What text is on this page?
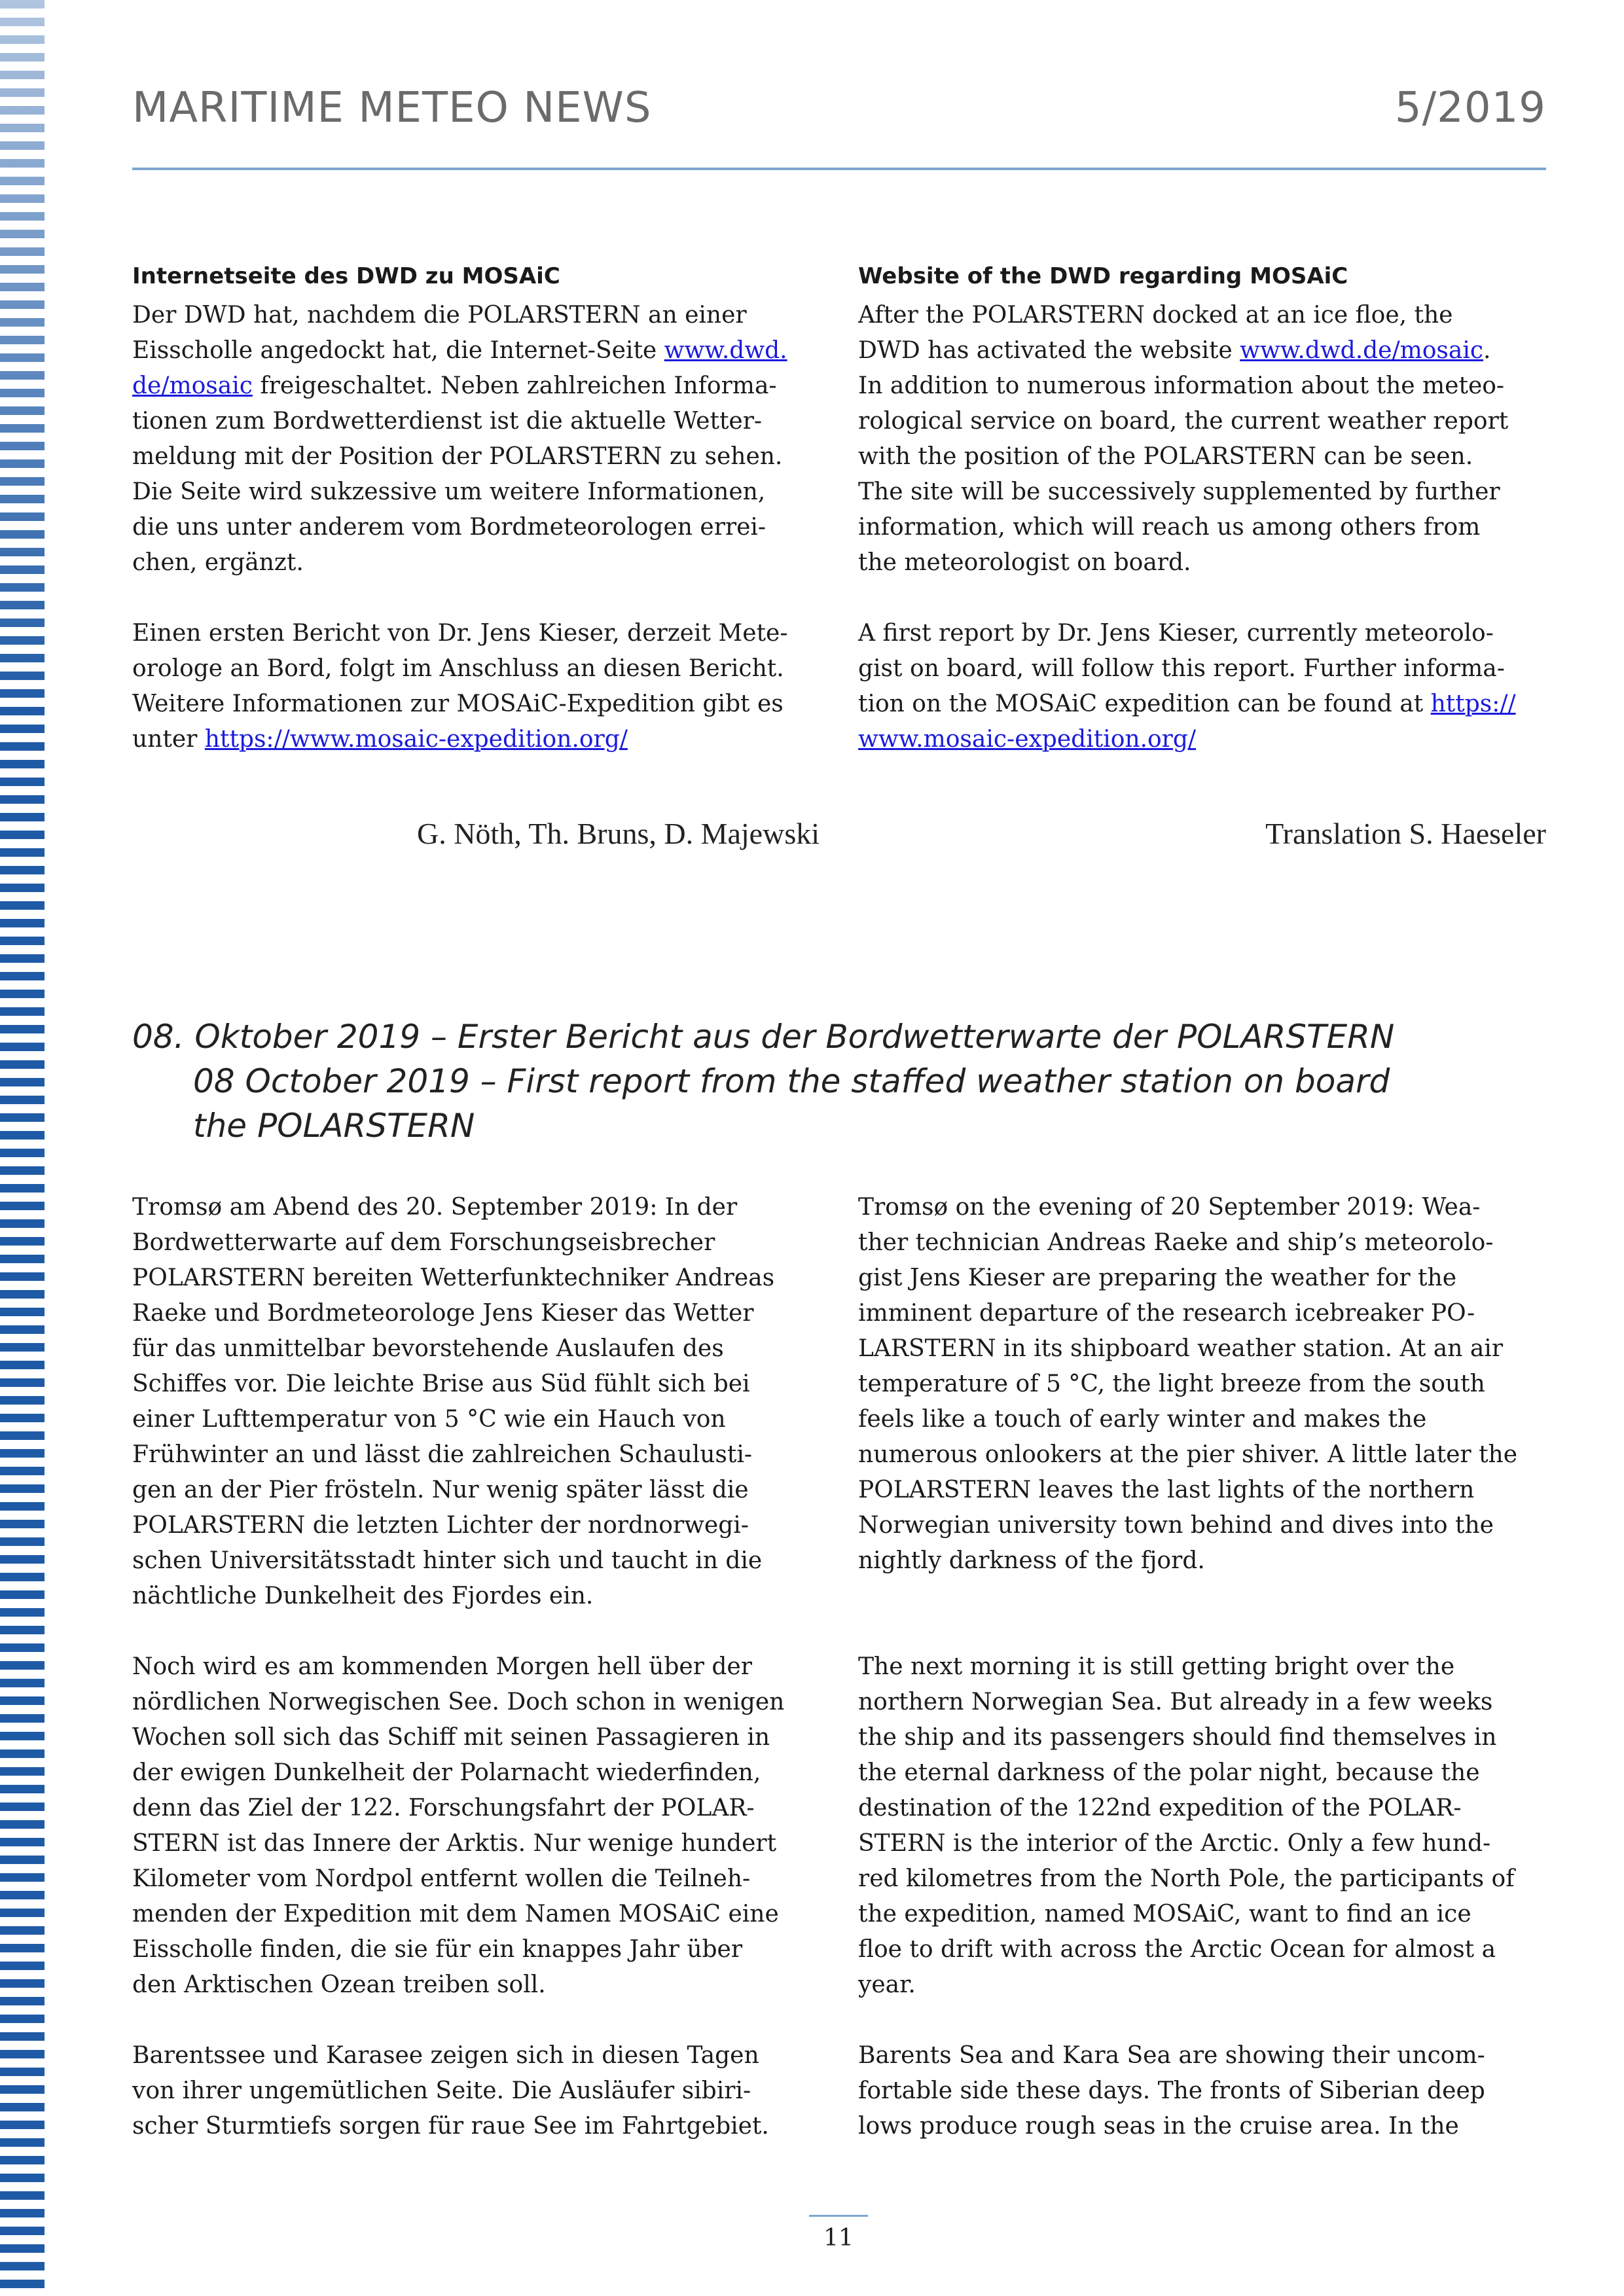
MARITIME METEO NEWS	5/2019
Internetseite des DWD zu MOSAiC

Der DWD hat, nachdem die POLARSTERN an einer
Eisscholle angedockt hat, die Internet-Seite www.dwd.
de/mosaic freigeschaltet. Neben zahlreichen Informa-
tionen zum Bordwetterdienst ist die aktuelle Wetter-
meldung mit der Position der POLARSTERN zu sehen.
Die Seite wird sukzessive um weitere Informationen,
die uns unter anderem vom Bordmeteorologen errei-
chen, ergänzt.

Einen ersten Bericht von Dr. Jens Kieser, derzeit Mete-
orologe an Bord, folgt im Anschluss an diesen Bericht.
Weitere Informationen zur MOSAiC-Expedition gibt es
unter https://www.mosaic-expedition.org/

Website of the DWD regarding MOSAiC

After the POLARSTERN docked at an ice floe, the
DWD has activated the website www.dwd.de/mosaic.
In addition to numerous information about the meteo-
rological service on board, the current weather report
with the position of the POLARSTERN can be seen.
The site will be successively supplemented by further
information, which will reach us among others from
the meteorologist on board.

A first report by Dr. Jens Kieser, currently meteorolo-
gist on board, will follow this report. Further informa-
tion on the MOSAiC expedition can be found at https://
www.mosaic-expedition.org/

G. Nöth, Th. Bruns, D. Majewski	Translation S. Haeseler
08. Oktober 2019 – Erster Bericht aus der Bordwetterwarte der POLARSTERN
08 October 2019 – First report from the staffed weather station on board
the POLARSTERN

Tromsø am Abend des 20. September 2019: In der
Bordwetterwarte auf dem Forschungseisbrecher
POLARSTERN bereiten Wetterfunktechniker Andreas
Raeke und Bordmeteorologe Jens Kieser das Wetter
für das unmittelbar bevorstehende Auslaufen des
Schiffes vor. Die leichte Brise aus Süd fühlt sich bei
einer Lufttemperatur von 5 °C wie ein Hauch von
Frühwinter an und lässt die zahlreichen Schaulusti-
gen an der Pier frösteln. Nur wenig später lässt die
POLARSTERN die letzten Lichter der nordnorwegi-
schen Universitätsstadt hinter sich und taucht in die
nächtliche Dunkelheit des Fjordes ein.

Noch wird es am kommenden Morgen hell über der
nördlichen Norwegischen See. Doch schon in wenigen
Wochen soll sich das Schiff mit seinen Passagieren in
der ewigen Dunkelheit der Polarnacht wiederfinden,
denn das Ziel der 122. Forschungsfahrt der POLAR-
STERN ist das Innere der Arktis. Nur wenige hundert
Kilometer vom Nordpol entfernt wollen die Teilneh-
menden der Expedition mit dem Namen MOSAiC eine
Eisscholle finden, die sie für ein knappes Jahr über
den Arktischen Ozean treiben soll.

Barentssee und Karasee zeigen sich in diesen Tagen
von ihrer ungemütlichen Seite. Die Ausläufer sibiri-
scher Sturmtiefs sorgen für raue See im Fahrtgebiet.

Tromsø on the evening of 20 September 2019: Wea-
ther technician Andreas Raeke and ship’s meteorolo-
gist Jens Kieser are preparing the weather for the
imminent departure of the research icebreaker PO-
LARSTERN in its shipboard weather station. At an air
temperature of 5 °C, the light breeze from the south
feels like a touch of early winter and makes the
numerous onlookers at the pier shiver. A little later the
POLARSTERN leaves the last lights of the northern
Norwegian university town behind and dives into the
nightly darkness of the fjord.

The next morning it is still getting bright over the
northern Norwegian Sea. But already in a few weeks
the ship and its passengers should find themselves in
the eternal darkness of the polar night, because the
destination of the 122nd expedition of the POLAR-
STERN is the interior of the Arctic. Only a few hund-
red kilometres from the North Pole, the participants of
the expedition, named MOSAiC, want to find an ice
floe to drift with across the Arctic Ocean for almost a
year.

Barents Sea and Kara Sea are showing their uncom-
fortable side these days. The fronts of Siberian deep
lows produce rough seas in the cruise area. In the

11
